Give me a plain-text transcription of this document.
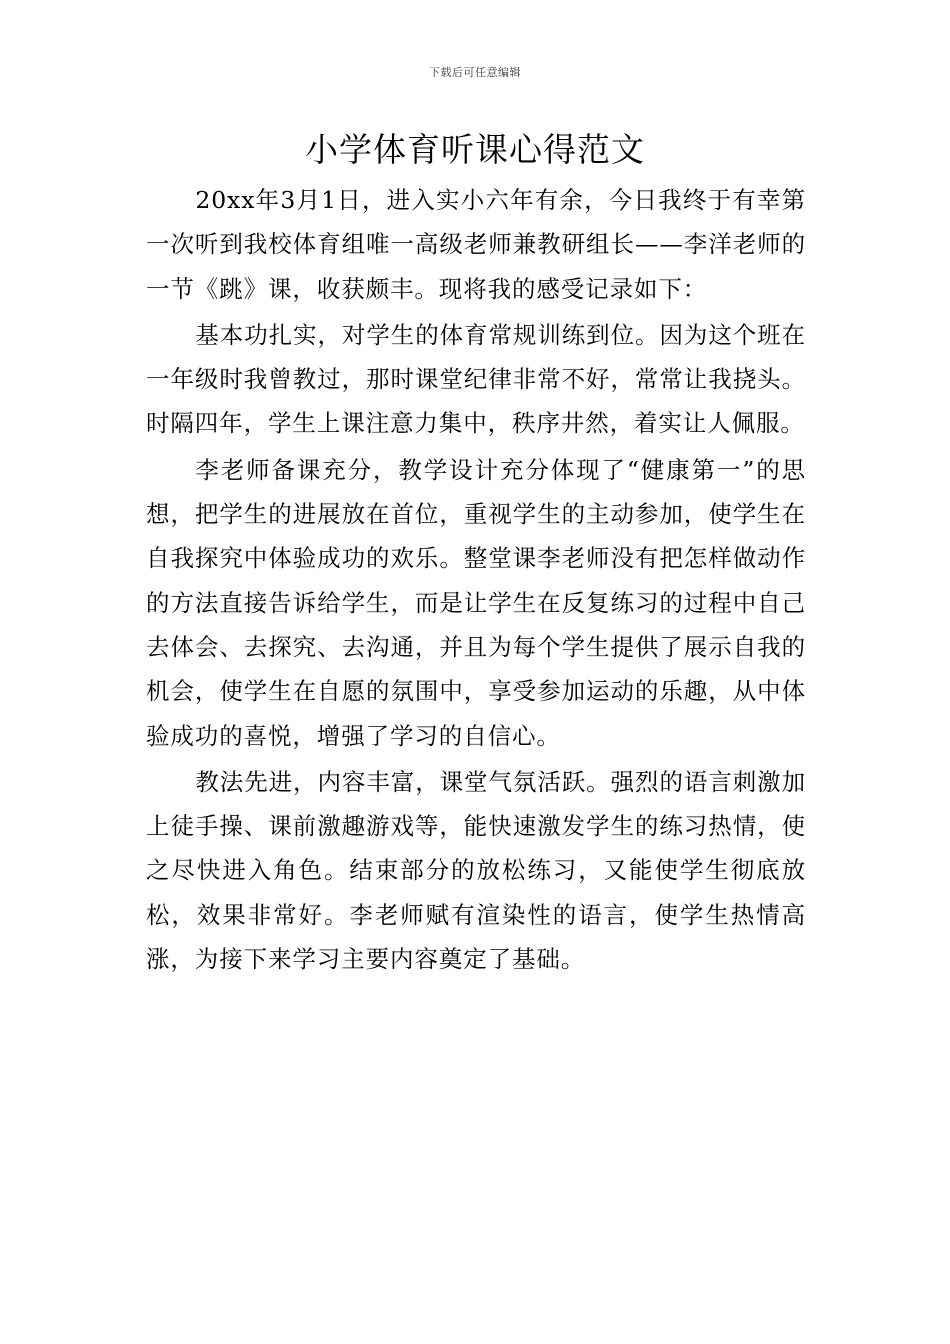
下载后可任意编辑
小学体育听课心得范文

20xx年3月1日，进入实小六年有余，今日我终于有幸第一次听到我校体育组唯一高级老师兼教研组长——李洋老师的一节《跳》课，收获颇丰。现将我的感受记录如下：

基本功扎实，对学生的体育常规训练到位。因为这个班在一年级时我曾教过，那时课堂纪律非常不好，常常让我挠头。时隔四年，学生上课注意力集中，秩序井然，着实让人佩服。

李老师备课充分，教学设计充分体现了“健康第一”的思想，把学生的进展放在首位，重视学生的主动参加，使学生在自我探究中体验成功的欢乐。整堂课李老师没有把怎样做动作的方法直接告诉给学生，而是让学生在反复练习的过程中自己去体会、去探究、去沟通，并且为每个学生提供了展示自我的机会，使学生在自愿的氛围中，享受参加运动的乐趣，从中体验成功的喜悦，增强了学习的自信心。

教法先进，内容丰富，课堂气氛活跃。强烈的语言刺激加上徒手操、课前激趣游戏等，能快速激发学生的练习热情，使之尽快进入角色。结束部分的放松练习，又能使学生彻底放松，效果非常好。李老师赋有渲染性的语言，使学生热情高涨，为接下来学习主要内容奠定了基础。
